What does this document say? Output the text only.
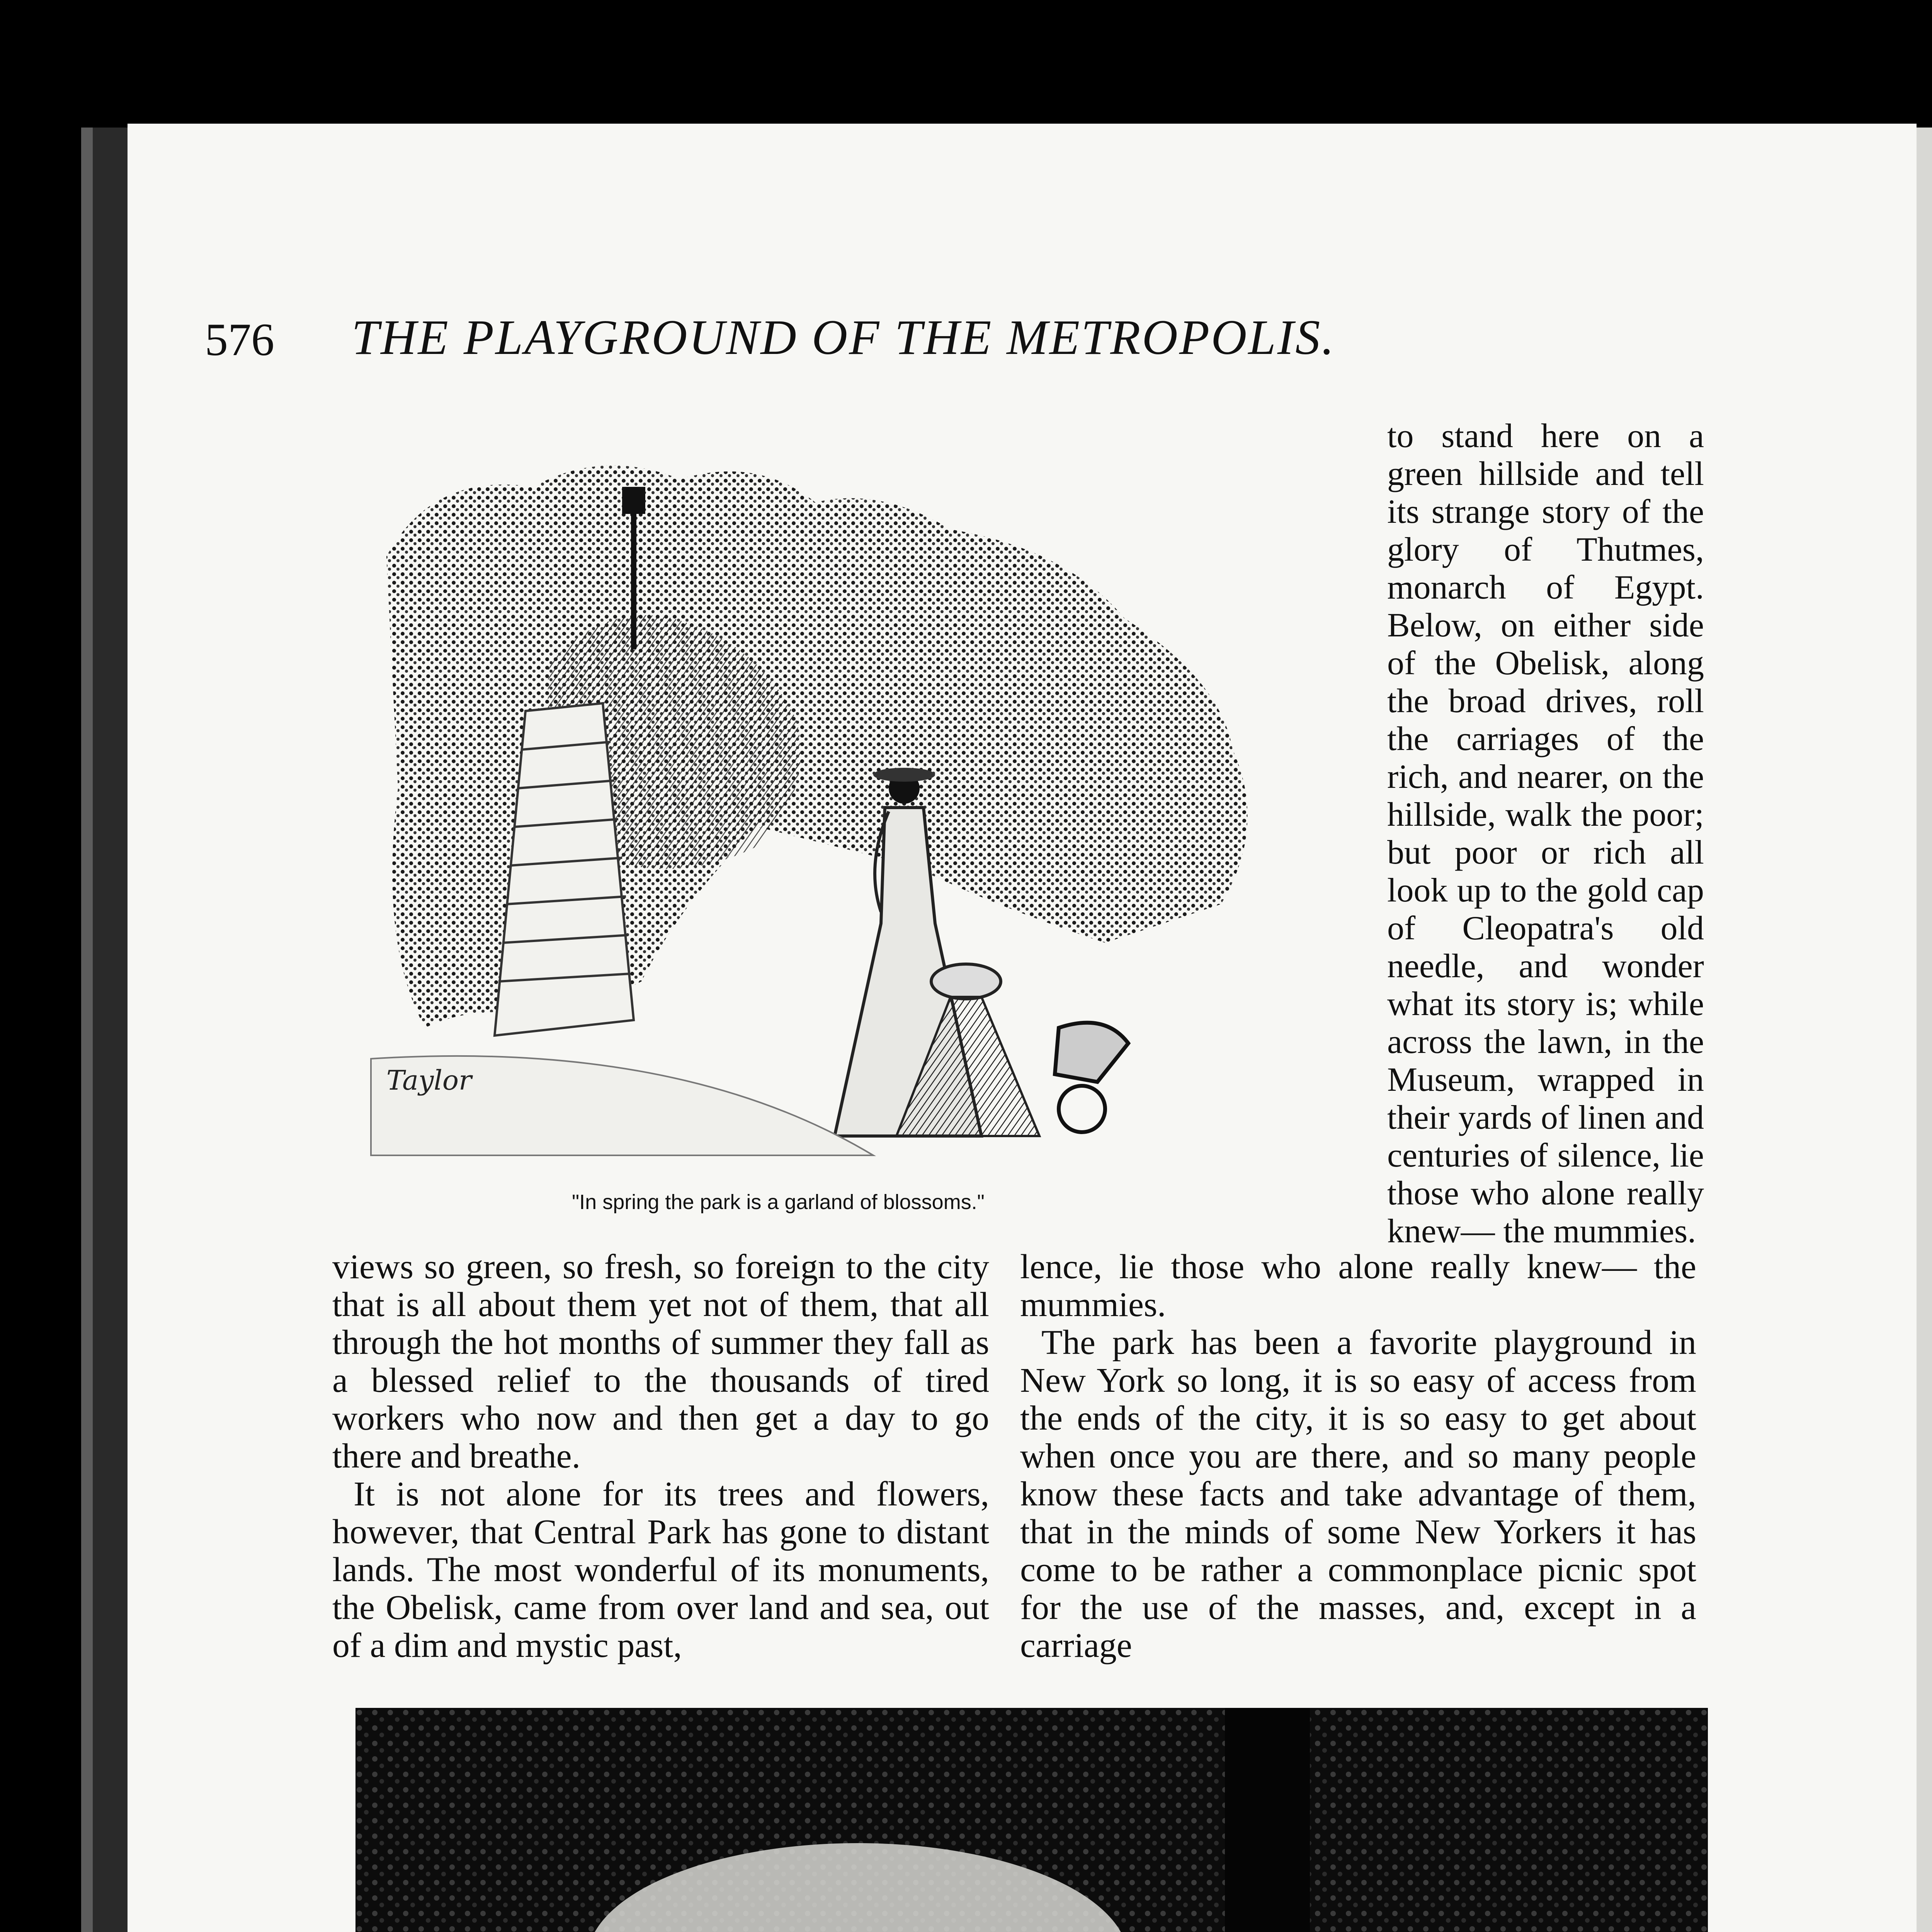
576 THE PLAYGROUND OF THE METROPOLIS.
Taylor
"In spring the park is a garland of blossoms."

to stand here on a green hillside and tell its strange story of the glory of Thutmes, monarch of Egypt. Below, on either side of the Obelisk, along the broad drives, roll the carriages of the rich, and nearer, on the hillside, walk the poor; but poor or rich all look up to the gold cap of Cleopatra's old needle, and wonder what its story is; while across the lawn, in the Museum, wrapped in their yards of linen and centuries of silence, lie those who alone really knew— the mummies.

views so green, so fresh, so foreign to the city that is all about them yet not of them, that all through the hot months of summer they fall as a blessed relief to the thousands of tired workers who now and then get a day to go there and breathe.

It is not alone for its trees and flowers, however, that Central Park has gone to distant lands. The most wonderful of its monuments, the Obelisk, came from over land and sea, out of a dim and mystic past,

lence, lie those who alone really knew— the mummies.

The park has been a favorite playground in New York so long, it is so easy of access from the ends of the city, it is so easy to get about when once you are there, and so many people know these facts and take advantage of them, that in the minds of some New Yorkers it has come to be rather a commonplace picnic spot for the use of the masses, and, except in a carriage
